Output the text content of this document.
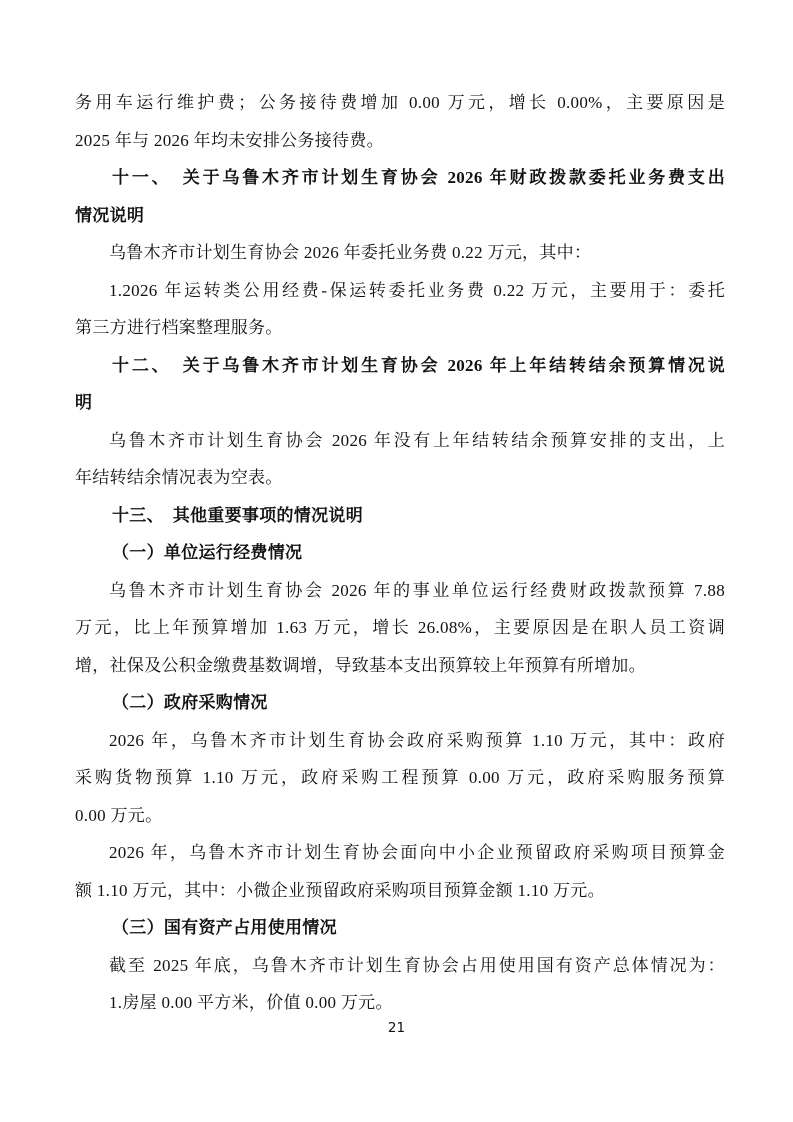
务用车运行维护费；公务接待费增加 0.00 万元，增长 0.00%，主要原因是
2025 年与 2026 年均未安排公务接待费。
十一、　关于乌鲁木齐市计划生育协会 2026 年财政拨款委托业务费支出
情况说明
乌鲁木齐市计划生育协会 2026 年委托业务费 0.22 万元，其中：
1.2026 年运转类公用经费-保运转委托业务费 0.22 万元，主要用于：委托
第三方进行档案整理服务。
十二、　关于乌鲁木齐市计划生育协会 2026 年上年结转结余预算情况说
明
乌鲁木齐市计划生育协会 2026 年没有上年结转结余预算安排的支出，上
年结转结余情况表为空表。
十三、　其他重要事项的情况说明
（一）单位运行经费情况
乌鲁木齐市计划生育协会 2026 年的事业单位运行经费财政拨款预算 7.88
万元，比上年预算增加 1.63 万元，增长 26.08%，主要原因是在职人员工资调
增，社保及公积金缴费基数调增，导致基本支出预算较上年预算有所增加。
（二）政府采购情况
2026 年，乌鲁木齐市计划生育协会政府采购预算 1.10 万元，其中：政府
采购货物预算 1.10 万元，政府采购工程预算 0.00 万元，政府采购服务预算
0.00 万元。
2026 年，乌鲁木齐市计划生育协会面向中小企业预留政府采购项目预算金
额 1.10 万元，其中：小微企业预留政府采购项目预算金额 1.10 万元。
（三）国有资产占用使用情况
截至 2025 年底，乌鲁木齐市计划生育协会占用使用国有资产总体情况为：
1.房屋 0.00 平方米，价值 0.00 万元。
21
